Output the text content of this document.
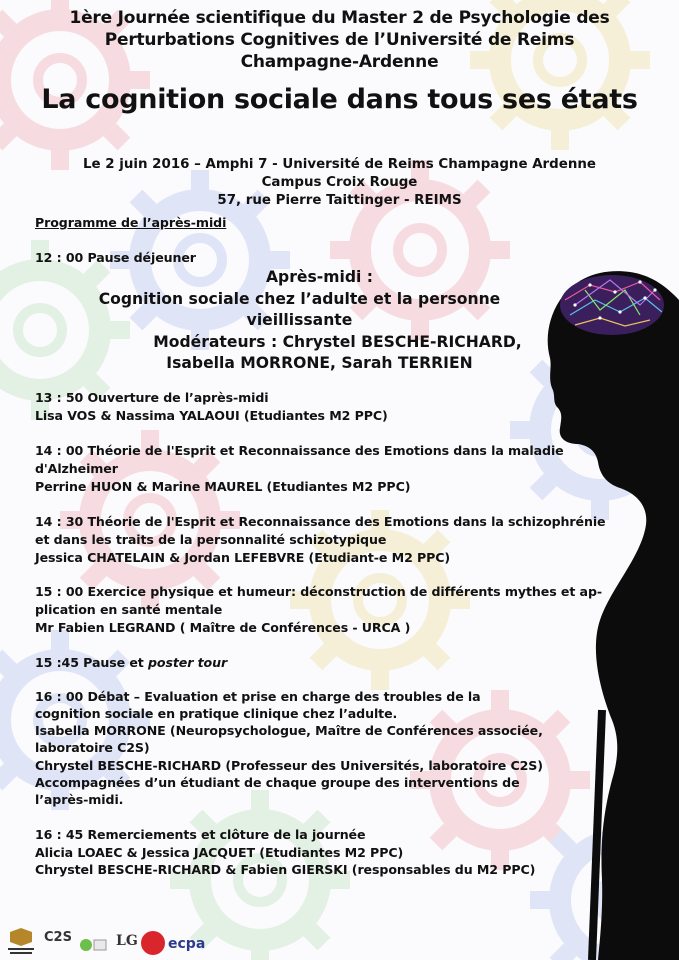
1ère Journée scientifique du Master 2 de Psychologie des

Perturbations Cognitives de l’Université de Reims

Champagne-Ardenne

La cognition sociale dans tous ses états

Le 2 juin 2016 – Amphi 7 - Université de Reims Champagne Ardenne

Campus Croix Rouge

57, rue Pierre Taittinger - REIMS

Programme de l’après-midi

12 : 00 Pause déjeuner

Après-midi :

Cognition sociale chez l’adulte et la personne

vieillissante

Modérateurs : Chrystel BESCHE-RICHARD,

Isabella MORRONE, Sarah TERRIEN

13 : 50 Ouverture de l’après-midi

Lisa VOS & Nassima YALAOUI (Etudiantes M2 PPC)

14 : 00 Théorie de l'Esprit et Reconnaissance des Emotions dans la maladie

d'Alzheimer

Perrine HUON & Marine MAUREL (Etudiantes M2 PPC)

14 : 30 Théorie de l'Esprit et Reconnaissance des Emotions dans la schizophrénie

et dans les traits de la personnalité schizotypique

Jessica CHATELAIN & Jordan LEFEBVRE (Etudiant-e M2 PPC)

15 : 00 Exercice physique et humeur: déconstruction de différents mythes et ap-

plication en santé mentale

Mr Fabien LEGRAND ( Maître de Conférences - URCA )

15 :45 Pause et poster tour

16 : 00 Débat – Evaluation et prise en charge des troubles de la

cognition sociale en pratique clinique chez l’adulte.

Isabella MORRONE (Neuropsychologue, Maître de Conférences associée,

laboratoire C2S)

Chrystel BESCHE-RICHARD (Professeur des Universités, laboratoire C2S)

Accompagnées d’un étudiant de chaque groupe des interventions de

l’après-midi.

16 : 45 Remerciements et clôture de la journée

Alicia LOAEC & Jessica JACQUET (Etudiantes M2 PPC)

Chrystel BESCHE-RICHARD & Fabien GIERSKI (responsables du M2 PPC)

C2S	LG ecpa
